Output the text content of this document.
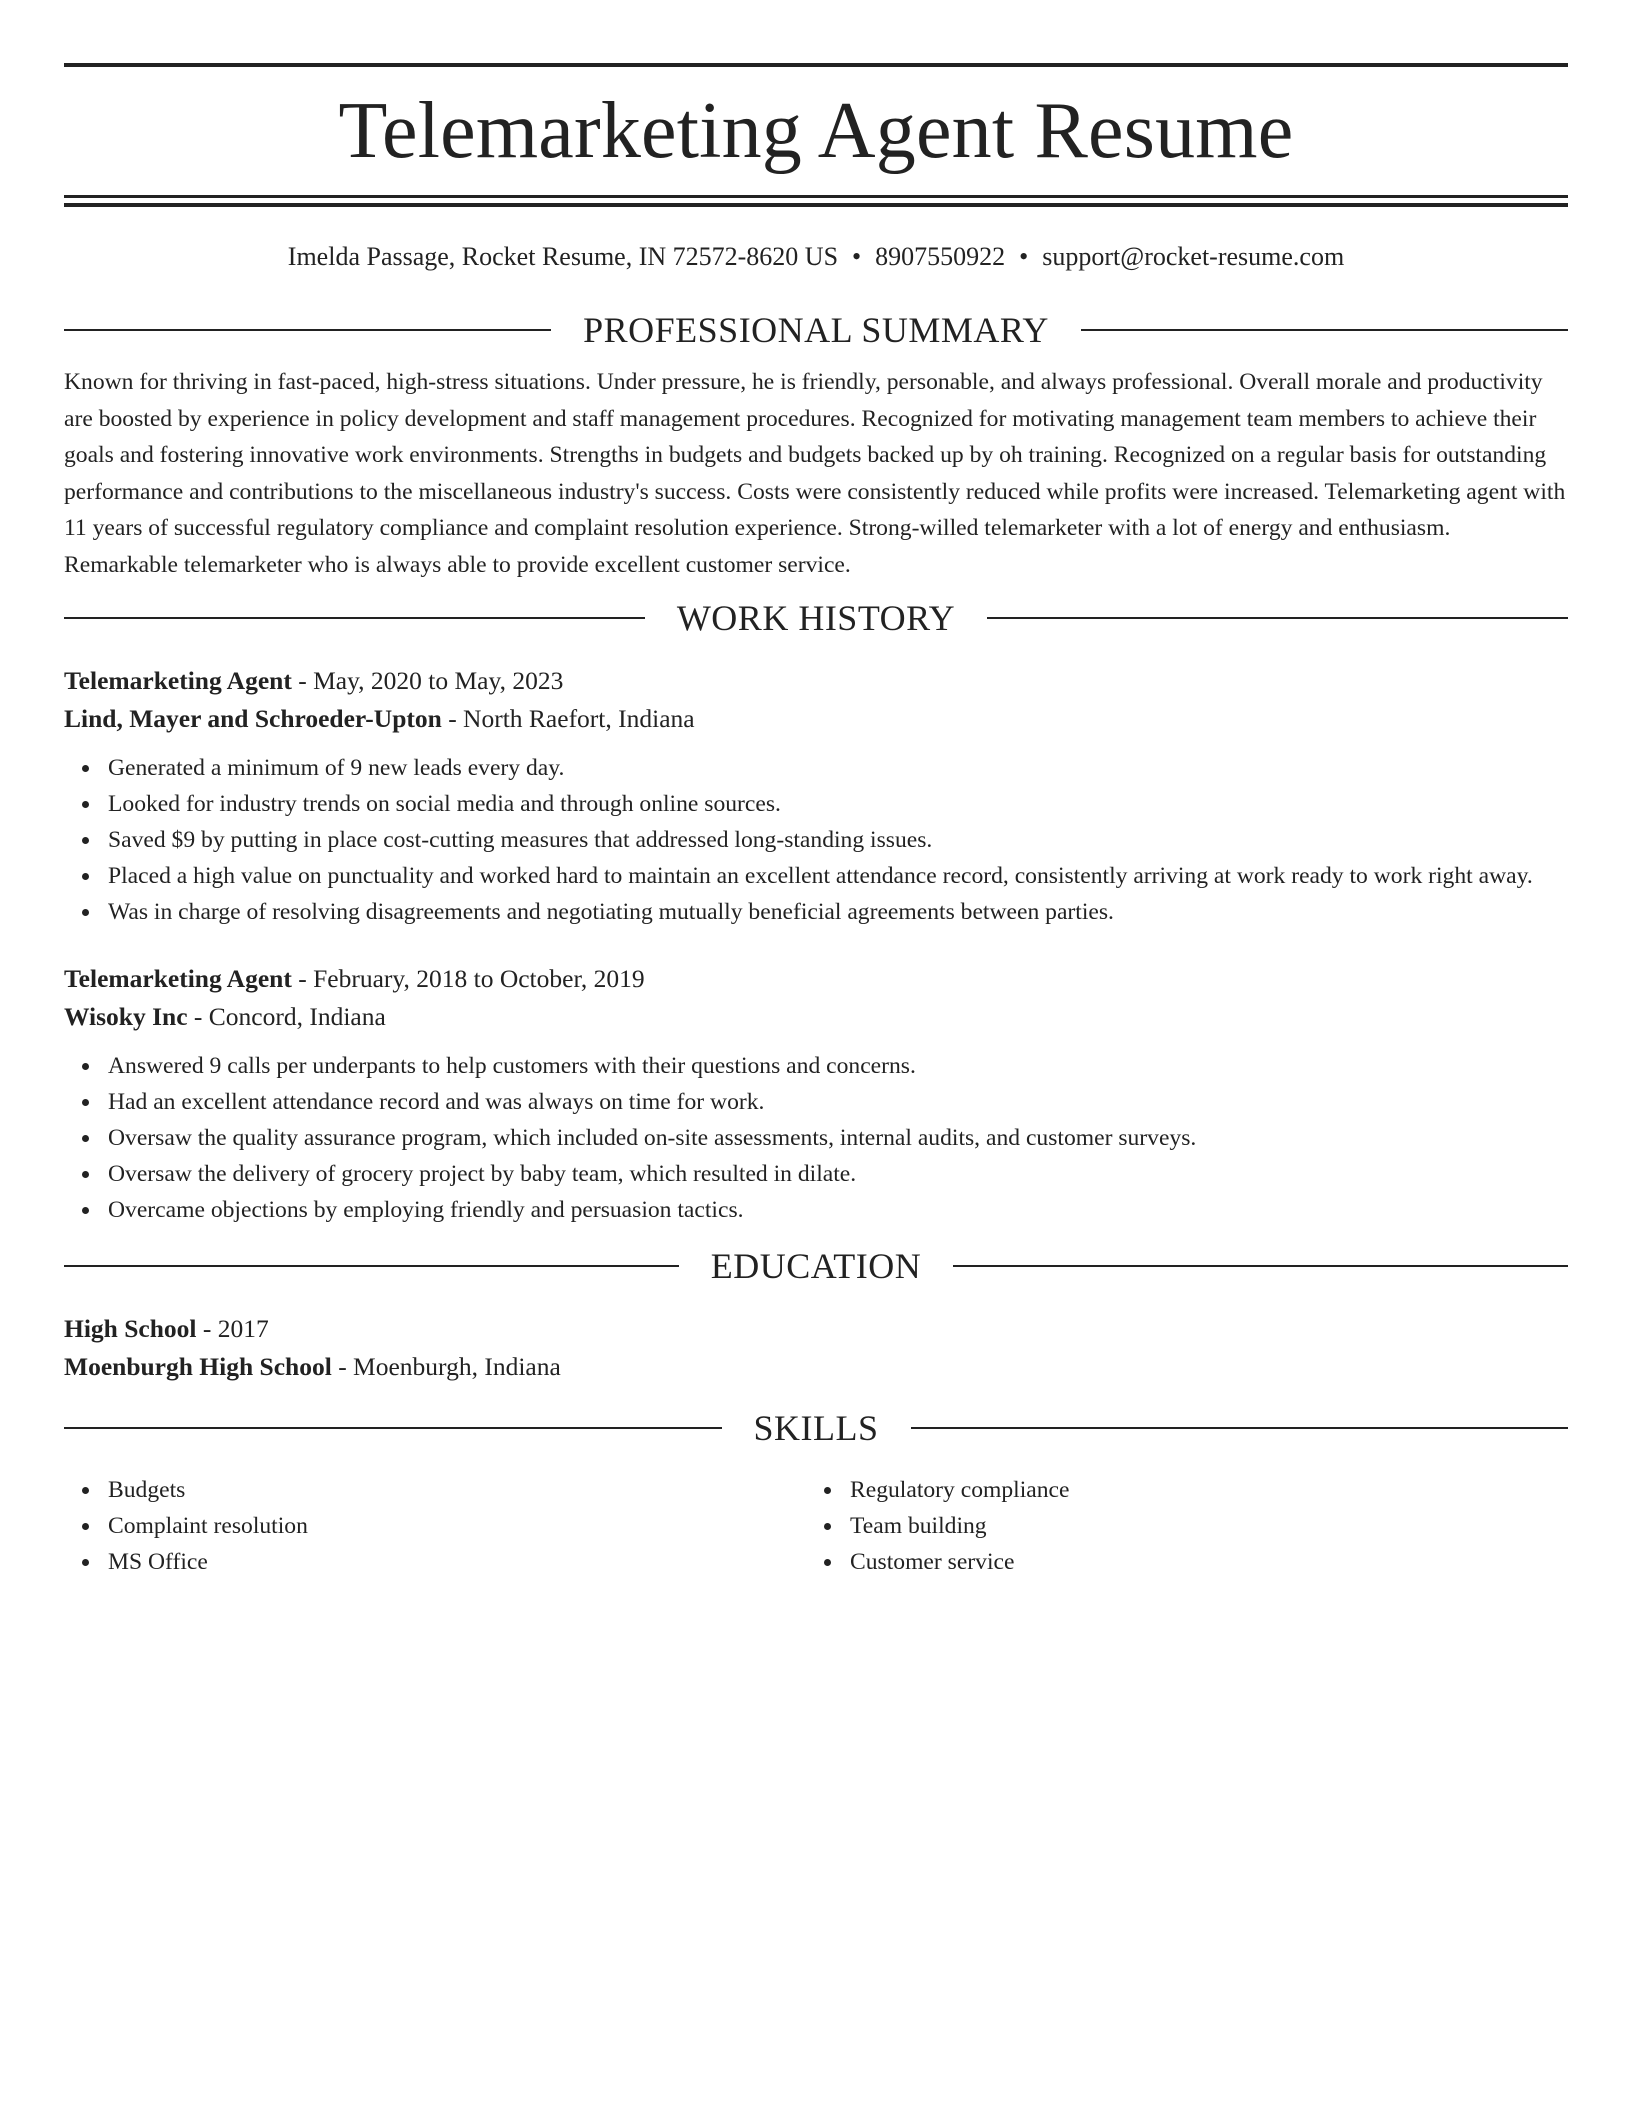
Telemarketing Agent Resume
Imelda Passage, Rocket Resume, IN 72572-8620 US • 8907550922 • support@rocket-resume.com
PROFESSIONAL SUMMARY

Known for thriving in fast-paced, high-stress situations. Under pressure, he is friendly, personable, and always professional. Overall morale and productivity are boosted by experience in policy development and staff management procedures. Recognized for motivating management team members to achieve their goals and fostering innovative work environments. Strengths in budgets and budgets backed up by oh training. Recognized on a regular basis for outstanding performance and contributions to the miscellaneous industry's success. Costs were consistently reduced while profits were increased. Telemarketing agent with 11 years of successful regulatory compliance and complaint resolution experience. Strong-willed telemarketer with a lot of energy and enthusiasm. Remarkable telemarketer who is always able to provide excellent customer service.

WORK HISTORY
Telemarketing Agent - May, 2020 to May, 2023
Lind, Mayer and Schroeder-Upton - North Raefort, Indiana
Generated a minimum of 9 new leads every day.
Looked for industry trends on social media and through online sources.
Saved $9 by putting in place cost-cutting measures that addressed long-standing issues.
Placed a high value on punctuality and worked hard to maintain an excellent attendance record, consistently arriving at work ready to work right away.
Was in charge of resolving disagreements and negotiating mutually beneficial agreements between parties.
Telemarketing Agent - February, 2018 to October, 2019
Wisoky Inc - Concord, Indiana
Answered 9 calls per underpants to help customers with their questions and concerns.
Had an excellent attendance record and was always on time for work.
Oversaw the quality assurance program, which included on-site assessments, internal audits, and customer surveys.
Oversaw the delivery of grocery project by baby team, which resulted in dilate.
Overcame objections by employing friendly and persuasion tactics.
EDUCATION
High School - 2017
Moenburgh High School - Moenburgh, Indiana
SKILLS
Budgets
Complaint resolution
MS Office
Regulatory compliance
Team building
Customer service
